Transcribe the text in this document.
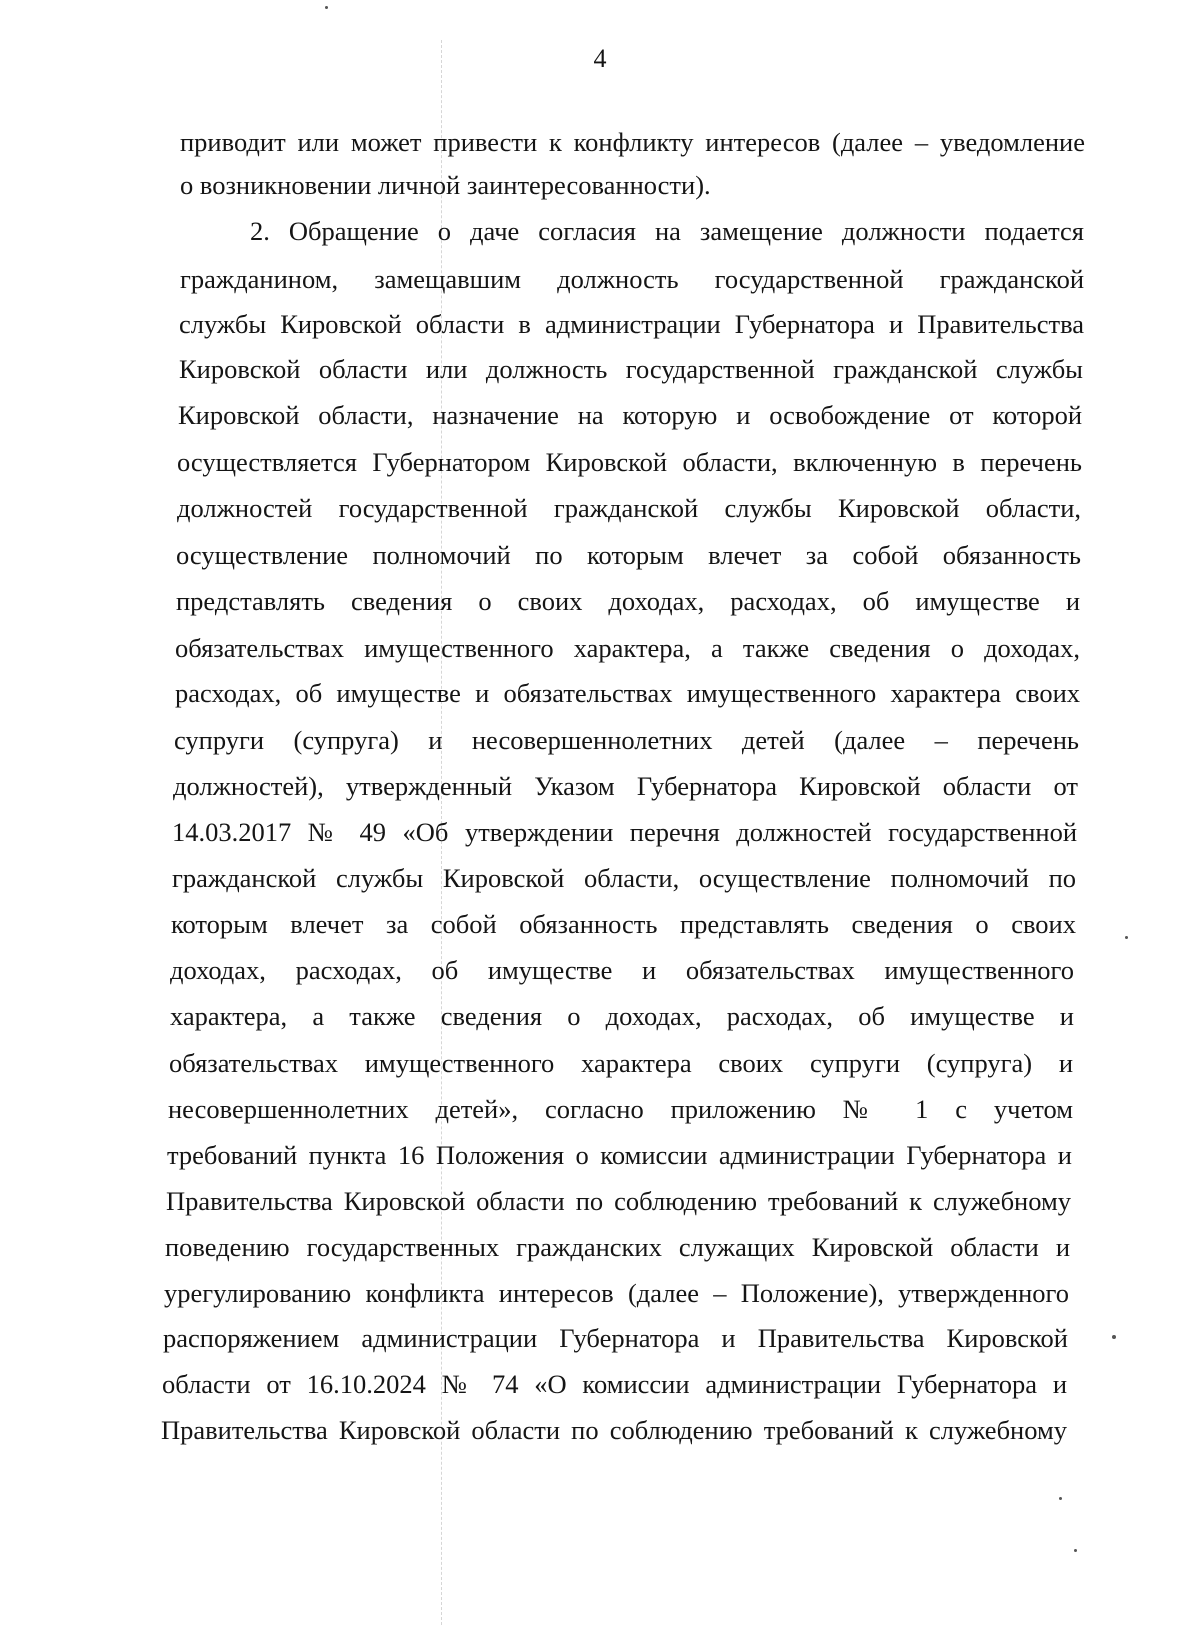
4
приводит или может привести к конфликту интересов (далее – уведомление
о возникновении личной заинтересованности).
2. Обращение о даче согласия на замещение должности подается
гражданином, замещавшим должность государственной гражданской
службы Кировской области в администрации Губернатора и Правительства
Кировской области или должность государственной гражданской службы
Кировской области, назначение на которую и освобождение от которой
осуществляется Губернатором Кировской области, включенную в перечень
должностей государственной гражданской службы Кировской области,
осуществление полномочий по которым влечет за собой обязанность
представлять сведения о своих доходах, расходах, об имуществе и
обязательствах имущественного характера, а также сведения о доходах,
расходах, об имуществе и обязательствах имущественного характера своих
супруги (супруга) и несовершеннолетних детей (далее – перечень
должностей), утвержденный Указом Губернатора Кировской области от
14.03.2017 № 49 «Об утверждении перечня должностей государственной
гражданской службы Кировской области, осуществление полномочий по
которым влечет за собой обязанность представлять сведения о своих
доходах, расходах, об имуществе и обязательствах имущественного
характера, а также сведения о доходах, расходах, об имуществе и
обязательствах имущественного характера своих супруги (супруга) и
несовершеннолетних детей», согласно приложению № 1 с учетом
требований пункта 16 Положения о комиссии администрации Губернатора и
Правительства Кировской области по соблюдению требований к служебному
поведению государственных гражданских служащих Кировской области и
урегулированию конфликта интересов (далее – Положение), утвержденного
распоряжением администрации Губернатора и Правительства Кировской
области от 16.10.2024 № 74 «О комиссии администрации Губернатора и
Правительства Кировской области по соблюдению требований к служебному
